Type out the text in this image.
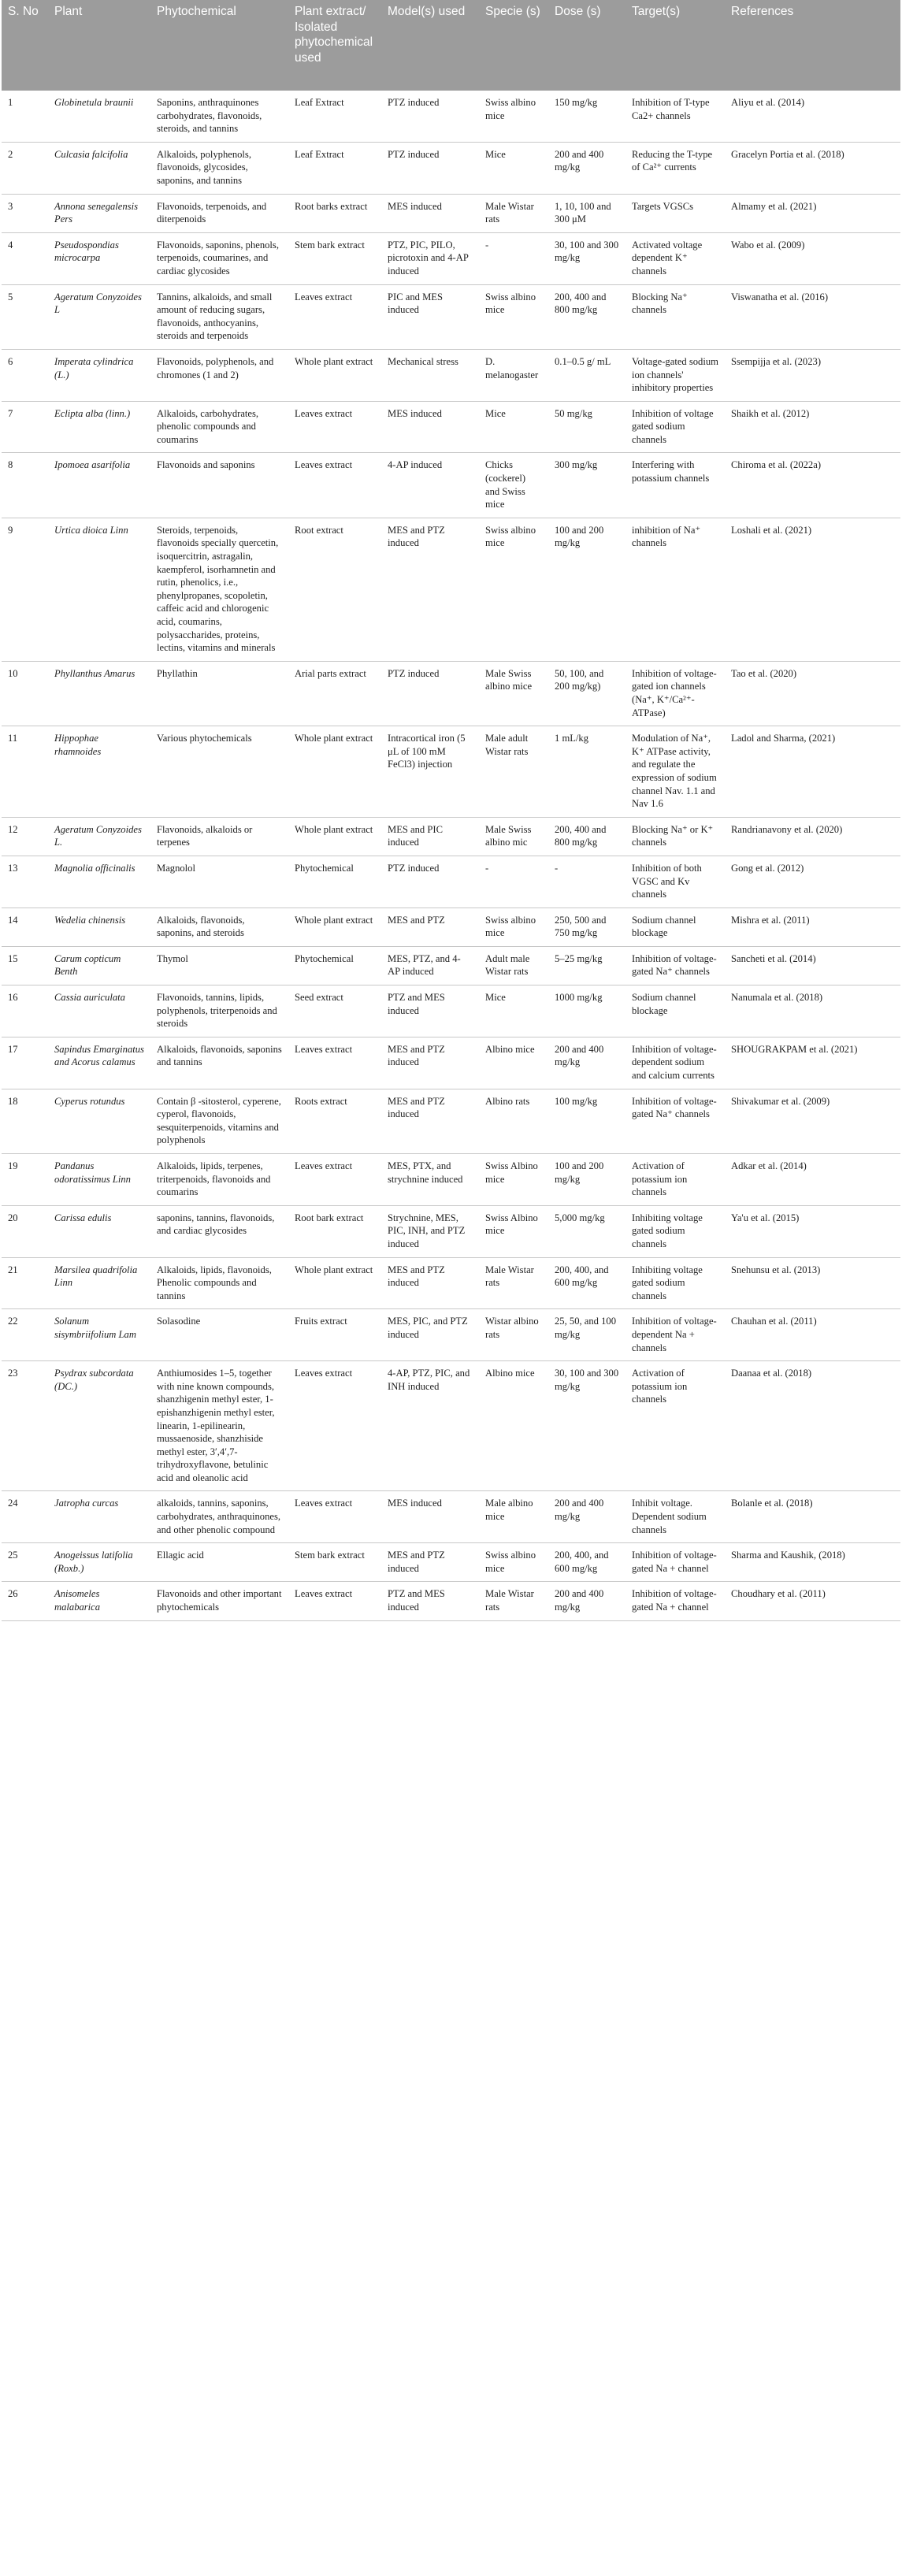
S. No	Plant	Phytochemical	Plant extract/ Isolated phytochemical used	Model(s) used	Specie (s)	Dose (s)	Target(s)	References
1	Globinetula braunii	Saponins, anthraquinones carbohydrates, flavonoids, steroids, and tannins	Leaf Extract	PTZ induced	Swiss albino mice	150 mg/kg	Inhibition of T-type Ca2+ channels	Aliyu et al. (2014)
2	Culcasia falcifolia	Alkaloids, polyphenols, flavonoids, glycosides, saponins, and tannins	Leaf Extract	PTZ induced	Mice	200 and 400 mg/kg	Reducing the T-type of Ca²⁺ currents	Gracelyn Portia et al. (2018)
3	Annona senegalensis Pers	Flavonoids, terpenoids, and diterpenoids	Root barks extract	MES induced	Male Wistar rats	1, 10, 100 and 300 μM	Targets VGSCs	Almamy et al. (2021)
4	Pseudospondias microcarpa	Flavonoids, saponins, phenols, terpenoids, coumarines, and cardiac glycosides	Stem bark extract	PTZ, PIC, PILO, picrotoxin and 4-AP induced	-	30, 100 and 300 mg/kg	Activated voltage dependent K⁺ channels	Wabo et al. (2009)
5	Ageratum Conyzoides L	Tannins, alkaloids, and small amount of reducing sugars, flavonoids, anthocyanins, steroids and terpenoids	Leaves extract	PIC and MES induced	Swiss albino mice	200, 400 and 800 mg/kg	Blocking Na⁺ channels	Viswanatha et al. (2016)
6	Imperata cylindrica (L.)	Flavonoids, polyphenols, and chromones (1 and 2)	Whole plant extract	Mechanical stress	D. melanogaster	0.1–0.5 g/ mL	Voltage-gated sodium ion channels' inhibitory properties	Ssempijja et al. (2023)
7	Eclipta alba (linn.)	Alkaloids, carbohydrates, phenolic compounds and coumarins	Leaves extract	MES induced	Mice	50 mg/kg	Inhibition of voltage gated sodium channels	Shaikh et al. (2012)
8	Ipomoea asarifolia	Flavonoids and saponins	Leaves extract	4-AP induced	Chicks (cockerel) and Swiss mice	300 mg/kg	Interfering with potassium channels	Chiroma et al. (2022a)
9	Urtica dioica Linn	Steroids, terpenoids, flavonoids specially quercetin, isoquercitrin, astragalin, kaempferol, isorhamnetin and rutin, phenolics, i.e., phenylpropanes, scopoletin, caffeic acid and chlorogenic acid, coumarins, polysaccharides, proteins, lectins, vitamins and minerals	Root extract	MES and PTZ induced	Swiss albino mice	100 and 200 mg/kg	inhibition of Na⁺ channels	Loshali et al. (2021)
10	Phyllanthus Amarus	Phyllathin	Arial parts extract	PTZ induced	Male Swiss albino mice	50, 100, and 200 mg/kg)	Inhibition of voltage-gated ion channels (Na⁺, K⁺/Ca²⁺-ATPase)	Tao et al. (2020)
11	Hippophae rhamnoides	Various phytochemicals	Whole plant extract	Intracortical iron (5 μL of 100 mM FeCl3) injection	Male adult Wistar rats	1 mL/kg	Modulation of Na⁺, K⁺ ATPase activity, and regulate the expression of sodium channel Nav. 1.1 and Nav 1.6	Ladol and Sharma, (2021)
12	Ageratum Conyzoides L.	Flavonoids, alkaloids or terpenes	Whole plant extract	MES and PIC induced	Male Swiss albino mic	200, 400 and 800 mg/kg	Blocking Na⁺ or K⁺ channels	Randrianavony et al. (2020)
13	Magnolia officinalis	Magnolol	Phytochemical	PTZ induced	-	-	Inhibition of both VGSC and Kv channels	Gong et al. (2012)
14	Wedelia chinensis	Alkaloids, flavonoids, saponins, and steroids	Whole plant extract	MES and PTZ	Swiss albino mice	250, 500 and 750 mg/kg	Sodium channel blockage	Mishra et al. (2011)
15	Carum copticum Benth	Thymol	Phytochemical	MES, PTZ, and 4-AP induced	Adult male Wistar rats	5–25 mg/kg	Inhibition of voltage-gated Na⁺ channels	Sancheti et al. (2014)
16	Cassia auriculata	Flavonoids, tannins, lipids, polyphenols, triterpenoids and steroids	Seed extract	PTZ and MES induced	Mice	1000 mg/kg	Sodium channel blockage	Nanumala et al. (2018)
17	Sapindus Emarginatus and Acorus calamus	Alkaloids, flavonoids, saponins and tannins	Leaves extract	MES and PTZ induced	Albino mice	200 and 400 mg/kg	Inhibition of voltage-dependent sodium and calcium currents	SHOUGRAKPAM et al. (2021)
18	Cyperus rotundus	Contain β -sitosterol, cyperene, cyperol, flavonoids, sesquiterpenoids, vitamins and polyphenols	Roots extract	MES and PTZ induced	Albino rats	100 mg/kg	Inhibition of voltage-gated Na⁺ channels	Shivakumar et al. (2009)
19	Pandanus odoratissimus Linn	Alkaloids, lipids, terpenes, triterpenoids, flavonoids and coumarins	Leaves extract	MES, PTX, and strychnine induced	Swiss Albino mice	100 and 200 mg/kg	Activation of potassium ion channels	Adkar et al. (2014)
20	Carissa edulis	saponins, tannins, flavonoids, and cardiac glycosides	Root bark extract	Strychnine, MES, PIC, INH, and PTZ induced	Swiss Albino mice	5,000 mg/kg	Inhibiting voltage gated sodium channels	Ya'u et al. (2015)
21	Marsilea quadrifolia Linn	Alkaloids, lipids, flavonoids, Phenolic compounds and tannins	Whole plant extract	MES and PTZ induced	Male Wistar rats	200, 400, and 600 mg/kg	Inhibiting voltage gated sodium channels	Snehunsu et al. (2013)
22	Solanum sisymbriifolium Lam	Solasodine	Fruits extract	MES, PIC, and PTZ induced	Wistar albino rats	25, 50, and 100 mg/kg	Inhibition of voltage-dependent Na + channels	Chauhan et al. (2011)
23	Psydrax subcordata (DC.)	Anthiumosides 1–5, together with nine known compounds, shanzhigenin methyl ester, 1-epishanzhigenin methyl ester, linearin, 1-epilinearin, mussaenoside, shanzhiside methyl ester, 3′,4′,7-trihydroxyflavone, betulinic acid and oleanolic acid	Leaves extract	4-AP, PTZ, PIC, and INH induced	Albino mice	30, 100 and 300 mg/kg	Activation of potassium ion channels	Daanaa et al. (2018)
24	Jatropha curcas	alkaloids, tannins, saponins, carbohydrates, anthraquinones, and other phenolic compound	Leaves extract	MES induced	Male albino mice	200 and 400 mg/kg	Inhibit voltage. Dependent sodium channels	Bolanle et al. (2018)
25	Anogeissus latifolia (Roxb.)	Ellagic acid	Stem bark extract	MES and PTZ induced	Swiss albino mice	200, 400, and 600 mg/kg	Inhibition of voltage-gated Na + channel	Sharma and Kaushik, (2018)
26	Anisomeles malabarica	Flavonoids and other important phytochemicals	Leaves extract	PTZ and MES induced	Male Wistar rats	200 and 400 mg/kg	Inhibition of voltage-gated Na + channel	Choudhary et al. (2011)
